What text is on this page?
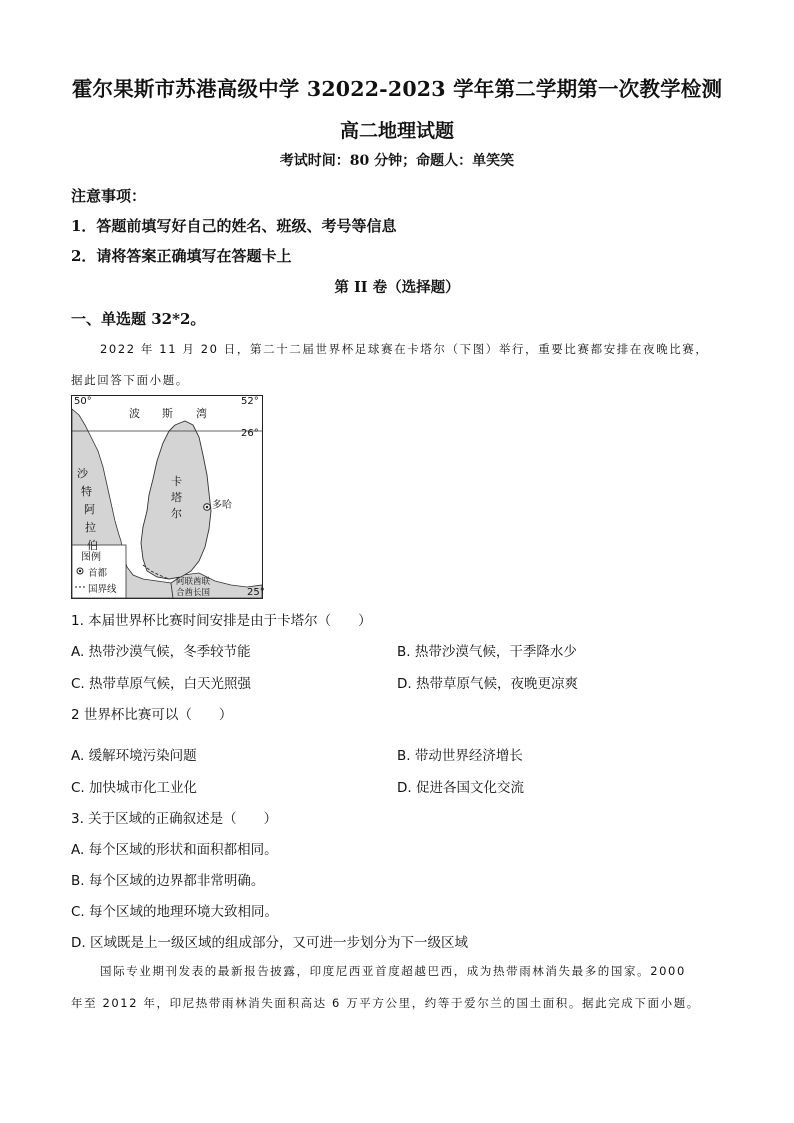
霍尔果斯市苏港高级中学 32022-2023 学年第二学期第一次教学检测
高二地理试题
考试时间：80 分钟；命题人：单笑笑
注意事项：
1．答题前填写好自己的姓名、班级、考号等信息
2．请将答案正确填写在答题卡上
第 II 卷（选择题）
一、单选题 32*2。
2022 年 11 月 20 日，第二十二届世界杯足球赛在卡塔尔（下图）举行，重要比赛都安排在夜晚比赛，
据此回答下面小题。
50°	52°
26°
25°
波 斯 湾
沙
特
阿
拉
伯
卡
塔
尔
多哈
阿联酋联
合酋长国
图例
首都
国界线
1. 本届世界杯比赛时间安排是由于卡塔尔（　　）
A. 热带沙漠气候，冬季较节能	B. 热带沙漠气候，干季降水少
C. 热带草原气候，白天光照强	D. 热带草原气候，夜晚更凉爽
2 世界杯比赛可以（　　）
A. 缓解环境污染问题	B. 带动世界经济增长
C. 加快城市化工业化	D. 促进各国文化交流
3. 关于区域的正确叙述是（　　）
A. 每个区域的形状和面积都相同。
B. 每个区域的边界都非常明确。
C. 每个区域的地理环境大致相同。
D. 区域既是上一级区域的组成部分，又可进一步划分为下一级区域
国际专业期刊发表的最新报告披露，印度尼西亚首度超越巴西，成为热带雨林消失最多的国家。2000
年至 2012 年，印尼热带雨林消失面积高达 6 万平方公里，约等于爱尔兰的国土面积。据此完成下面小题。
